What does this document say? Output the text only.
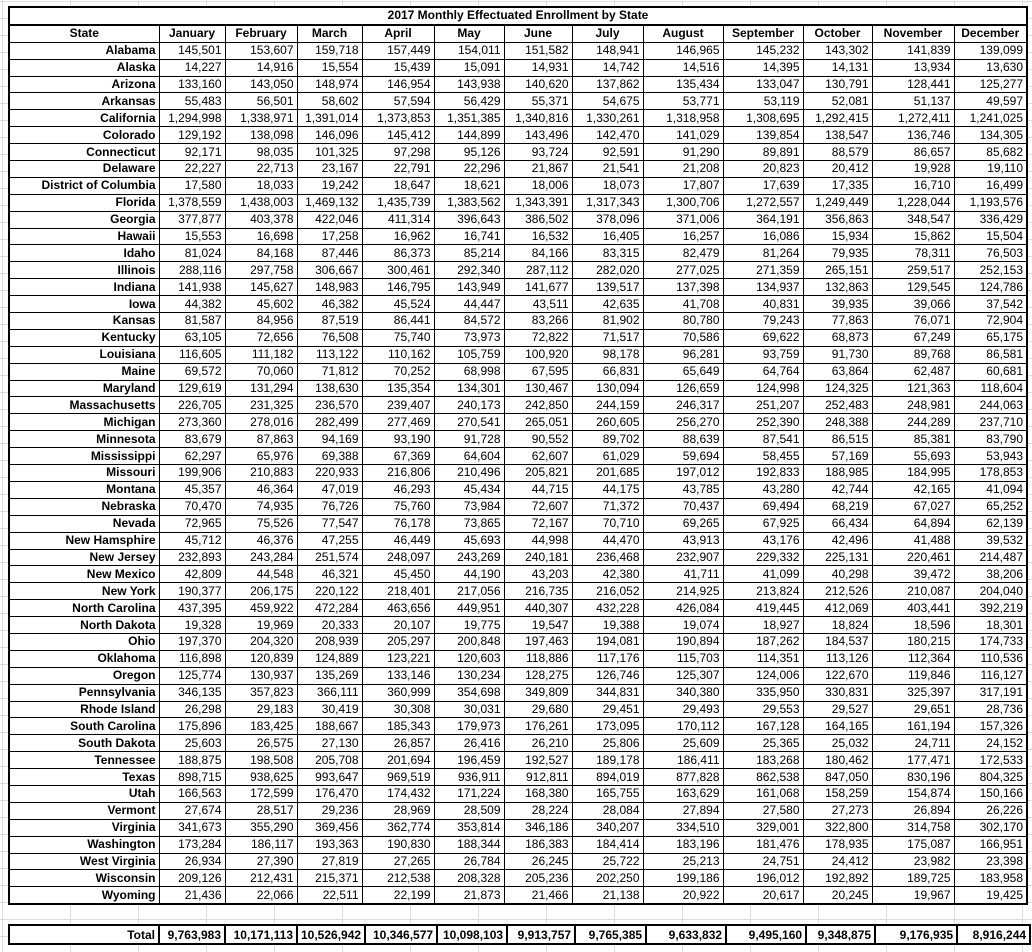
2017 Monthly Effectuated Enrollment by State												
State	January	February	March	April	May	June	July	August	September	October	November	December
Alabama	145,501	153,607	159,718	157,449	154,011	151,582	148,941	146,965	145,232	143,302	141,839	139,099
Alaska	14,227	14,916	15,554	15,439	15,091	14,931	14,742	14,516	14,395	14,131	13,934	13,630
Arizona	133,160	143,050	148,974	146,954	143,938	140,620	137,862	135,434	133,047	130,791	128,441	125,277
Arkansas	55,483	56,501	58,602	57,594	56,429	55,371	54,675	53,771	53,119	52,081	51,137	49,597
California	1,294,998	1,338,971	1,391,014	1,373,853	1,351,385	1,340,816	1,330,261	1,318,958	1,308,695	1,292,415	1,272,411	1,241,025
Colorado	129,192	138,098	146,096	145,412	144,899	143,496	142,470	141,029	139,854	138,547	136,746	134,305
Connecticut	92,171	98,035	101,325	97,298	95,126	93,724	92,591	91,290	89,891	88,579	86,657	85,682
Delaware	22,227	22,713	23,167	22,791	22,296	21,867	21,541	21,208	20,823	20,412	19,928	19,110
District of Columbia	17,580	18,033	19,242	18,647	18,621	18,006	18,073	17,807	17,639	17,335	16,710	16,499
Florida	1,378,559	1,438,003	1,469,132	1,435,739	1,383,562	1,343,391	1,317,343	1,300,706	1,272,557	1,249,449	1,228,044	1,193,576
Georgia	377,877	403,378	422,046	411,314	396,643	386,502	378,096	371,006	364,191	356,863	348,547	336,429
Hawaii	15,553	16,698	17,258	16,962	16,741	16,532	16,405	16,257	16,086	15,934	15,862	15,504
Idaho	81,024	84,168	87,446	86,373	85,214	84,166	83,315	82,479	81,264	79,935	78,311	76,503
Illinois	288,116	297,758	306,667	300,461	292,340	287,112	282,020	277,025	271,359	265,151	259,517	252,153
Indiana	141,938	145,627	148,983	146,795	143,949	141,677	139,517	137,398	134,937	132,863	129,545	124,786
Iowa	44,382	45,602	46,382	45,524	44,447	43,511	42,635	41,708	40,831	39,935	39,066	37,542
Kansas	81,587	84,956	87,519	86,441	84,572	83,266	81,902	80,780	79,243	77,863	76,071	72,904
Kentucky	63,105	72,656	76,508	75,740	73,973	72,822	71,517	70,586	69,622	68,873	67,249	65,175
Louisiana	116,605	111,182	113,122	110,162	105,759	100,920	98,178	96,281	93,759	91,730	89,768	86,581
Maine	69,572	70,060	71,812	70,252	68,998	67,595	66,831	65,649	64,764	63,864	62,487	60,681
Maryland	129,619	131,294	138,630	135,354	134,301	130,467	130,094	126,659	124,998	124,325	121,363	118,604
Massachusetts	226,705	231,325	236,570	239,407	240,173	242,850	244,159	246,317	251,207	252,483	248,981	244,063
Michigan	273,360	278,016	282,499	277,469	270,541	265,051	260,605	256,270	252,390	248,388	244,289	237,710
Minnesota	83,679	87,863	94,169	93,190	91,728	90,552	89,702	88,639	87,541	86,515	85,381	83,790
Mississippi	62,297	65,976	69,388	67,369	64,604	62,607	61,029	59,694	58,455	57,169	55,693	53,943
Missouri	199,906	210,883	220,933	216,806	210,496	205,821	201,685	197,012	192,833	188,985	184,995	178,853
Montana	45,357	46,364	47,019	46,293	45,434	44,715	44,175	43,785	43,280	42,744	42,165	41,094
Nebraska	70,470	74,935	76,726	75,760	73,984	72,607	71,372	70,437	69,494	68,219	67,027	65,252
Nevada	72,965	75,526	77,547	76,178	73,865	72,167	70,710	69,265	67,925	66,434	64,894	62,139
New Hamsphire	45,712	46,376	47,255	46,449	45,693	44,998	44,470	43,913	43,176	42,496	41,488	39,532
New Jersey	232,893	243,284	251,574	248,097	243,269	240,181	236,468	232,907	229,332	225,131	220,461	214,487
New Mexico	42,809	44,548	46,321	45,450	44,190	43,203	42,380	41,711	41,099	40,298	39,472	38,206
New York	190,377	206,175	220,122	218,401	217,056	216,735	216,052	214,925	213,824	212,526	210,087	204,040
North Carolina	437,395	459,922	472,284	463,656	449,951	440,307	432,228	426,084	419,445	412,069	403,441	392,219
North Dakota	19,328	19,969	20,333	20,107	19,775	19,547	19,388	19,074	18,927	18,824	18,596	18,301
Ohio	197,370	204,320	208,939	205,297	200,848	197,463	194,081	190,894	187,262	184,537	180,215	174,733
Oklahoma	116,898	120,839	124,889	123,221	120,603	118,886	117,176	115,703	114,351	113,126	112,364	110,536
Oregon	125,774	130,937	135,269	133,146	130,234	128,275	126,746	125,307	124,006	122,670	119,846	116,127
Pennsylvania	346,135	357,823	366,111	360,999	354,698	349,809	344,831	340,380	335,950	330,831	325,397	317,191
Rhode Island	26,298	29,183	30,419	30,308	30,031	29,680	29,451	29,493	29,553	29,527	29,651	28,736
South Carolina	175,896	183,425	188,667	185,343	179,973	176,261	173,095	170,112	167,128	164,165	161,194	157,326
South Dakota	25,603	26,575	27,130	26,857	26,416	26,210	25,806	25,609	25,365	25,032	24,711	24,152
Tennessee	188,875	198,508	205,708	201,694	196,459	192,527	189,178	186,411	183,268	180,462	177,471	172,533
Texas	898,715	938,625	993,647	969,519	936,911	912,811	894,019	877,828	862,538	847,050	830,196	804,325
Utah	166,563	172,599	176,470	174,432	171,224	168,380	165,755	163,629	161,068	158,259	154,874	150,166
Vermont	27,674	28,517	29,236	28,969	28,509	28,224	28,084	27,894	27,580	27,273	26,894	26,226
Virginia	341,673	355,290	369,456	362,774	353,814	346,186	340,207	334,510	329,001	322,800	314,758	302,170
Washington	173,284	186,117	193,363	190,830	188,344	186,383	184,414	183,196	181,476	178,935	175,087	166,951
West Virginia	26,934	27,390	27,819	27,265	26,784	26,245	25,722	25,213	24,751	24,412	23,982	23,398
Wisconsin	209,126	212,431	215,371	212,538	208,328	205,236	202,250	199,186	196,012	192,892	189,725	183,958
Wyoming	21,436	22,066	22,511	22,199	21,873	21,466	21,138	20,922	20,617	20,245	19,967	19,425
Total	9,763,983	10,171,113	10,526,942	10,346,577	10,098,103	9,913,757	9,765,385	9,633,832	9,495,160	9,348,875	9,176,935	8,916,244
